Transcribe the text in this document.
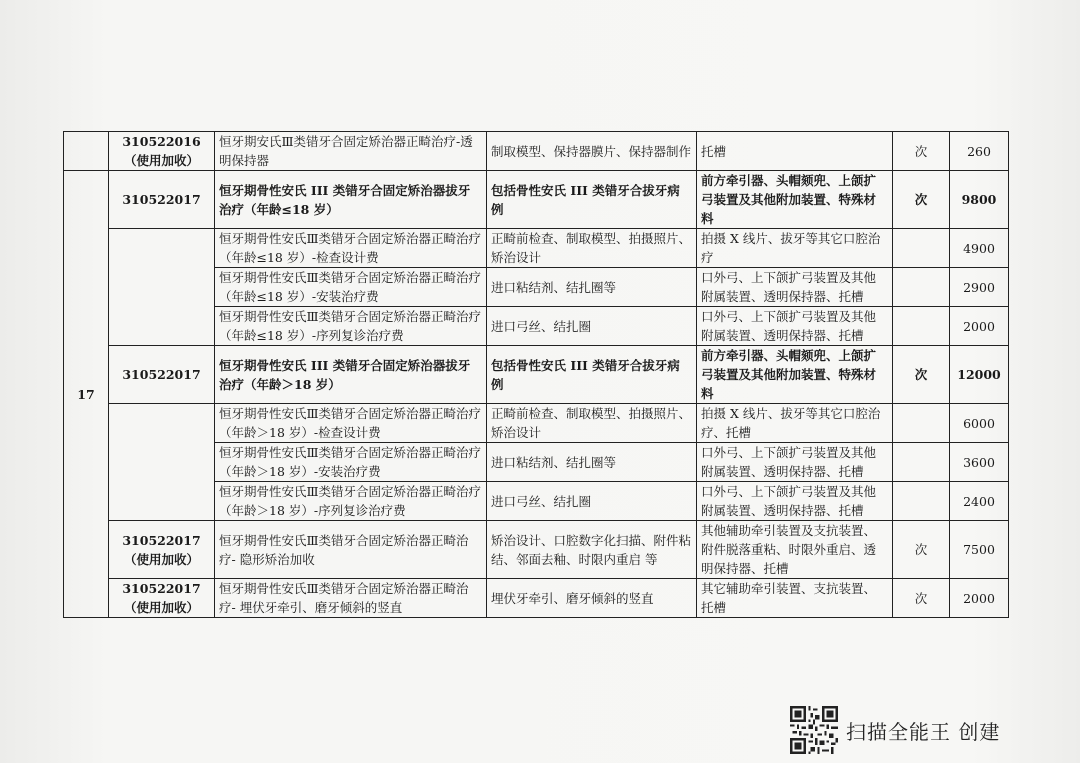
	310522016（使用加收）	恒牙期安氏Ⅲ类错牙合固定矫治器正畸治疗-透明保持器	制取模型、保持器膜片、保持器制作	托槽	次	260
17	310522017	恒牙期骨性安氏 III 类错牙合固定矫治器拔牙治疗（年龄≤18 岁）	包括骨性安氏 III 类错牙合拔牙病例	前方牵引器、头帽颏兜、上颌扩弓装置及其他附加装置、特殊材料	次	9800
		恒牙期骨性安氏Ⅲ类错牙合固定矫治器正畸治疗（年龄≤18 岁）-检查设计费	正畸前检查、制取模型、拍摄照片、矫治设计	拍摄 X 线片、拔牙等其它口腔治疗		4900
		恒牙期骨性安氏Ⅲ类错牙合固定矫治器正畸治疗（年龄≤18 岁）-安装治疗费	进口粘结剂、结扎圈等	口外弓、上下颌扩弓装置及其他附属装置、透明保持器、托槽		2900
		恒牙期骨性安氏Ⅲ类错牙合固定矫治器正畸治疗（年龄≤18 岁）-序列复诊治疗费	进口弓丝、结扎圈	口外弓、上下颌扩弓装置及其他附属装置、透明保持器、托槽		2000
	310522017	恒牙期骨性安氏 III 类错牙合固定矫治器拔牙治疗（年龄＞18 岁）	包括骨性安氏 III 类错牙合拔牙病例	前方牵引器、头帽颏兜、上颌扩弓装置及其他附加装置、特殊材料	次	12000
		恒牙期骨性安氏Ⅲ类错牙合固定矫治器正畸治疗（年龄＞18 岁）-检查设计费	正畸前检查、制取模型、拍摄照片、矫治设计	拍摄 X 线片、拔牙等其它口腔治疗、托槽		6000
		恒牙期骨性安氏Ⅲ类错牙合固定矫治器正畸治疗（年龄＞18 岁）-安装治疗费	进口粘结剂、结扎圈等	口外弓、上下颌扩弓装置及其他附属装置、透明保持器、托槽		3600
		恒牙期骨性安氏Ⅲ类错牙合固定矫治器正畸治疗（年龄＞18 岁）-序列复诊治疗费	进口弓丝、结扎圈	口外弓、上下颌扩弓装置及其他附属装置、透明保持器、托槽		2400
	310522017（使用加收）	恒牙期骨性安氏Ⅲ类错牙合固定矫治器正畸治疗- 隐形矫治加收	矫治设计、口腔数字化扫描、附件粘结、邻面去釉、时限内重启 等	其他辅助牵引装置及支抗装置、附件脱落重粘、时限外重启、透明保持器、托槽	次	7500
	310522017（使用加收）	恒牙期骨性安氏Ⅲ类错牙合固定矫治器正畸治疗- 埋伏牙牵引、磨牙倾斜的竖直	埋伏牙牵引、磨牙倾斜的竖直	其它辅助牵引装置、支抗装置、托槽	次	2000
扫描全能王 创建
